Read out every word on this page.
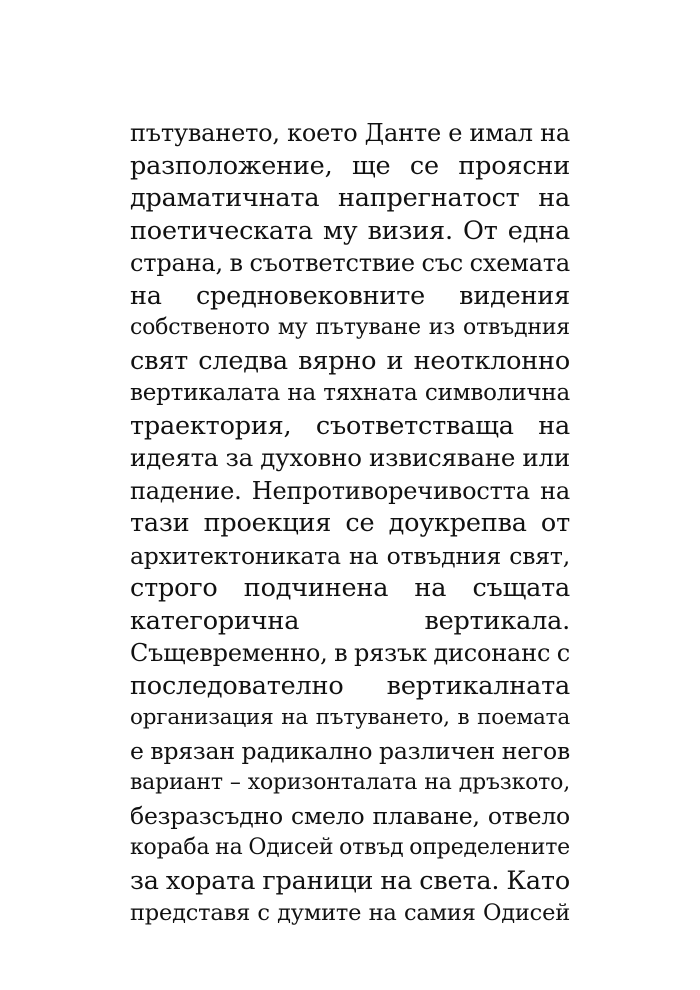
пътуването, което Данте е имал на
разположение, ще се проясни
драматичната напрегнатост на
поетическата му визия. От една
страна, в съответствие със схемата
на средновековните видения
собственото му пътуване из отвъдния
свят следва вярно и неотклонно
вертикалата на тяхната символична
траектория, съответстваща на
идеята за духовно извисяване или
падение. Непротиворечивостта на
тази проекция се доукрепва от
архитектониката на отвъдния свят,
строго подчинена на същата
категорична вертикала.
Същевременно, в рязък дисонанс с
последователно вертикалната
организация на пътуването, в поемата
е врязан радикално различен негов
вариант – хоризонталата на дръзкото,
безразсъдно смело плаване, отвело
кораба на Одисей отвъд определените
за хората граници на света. Като
представя с думите на самия Одисей
